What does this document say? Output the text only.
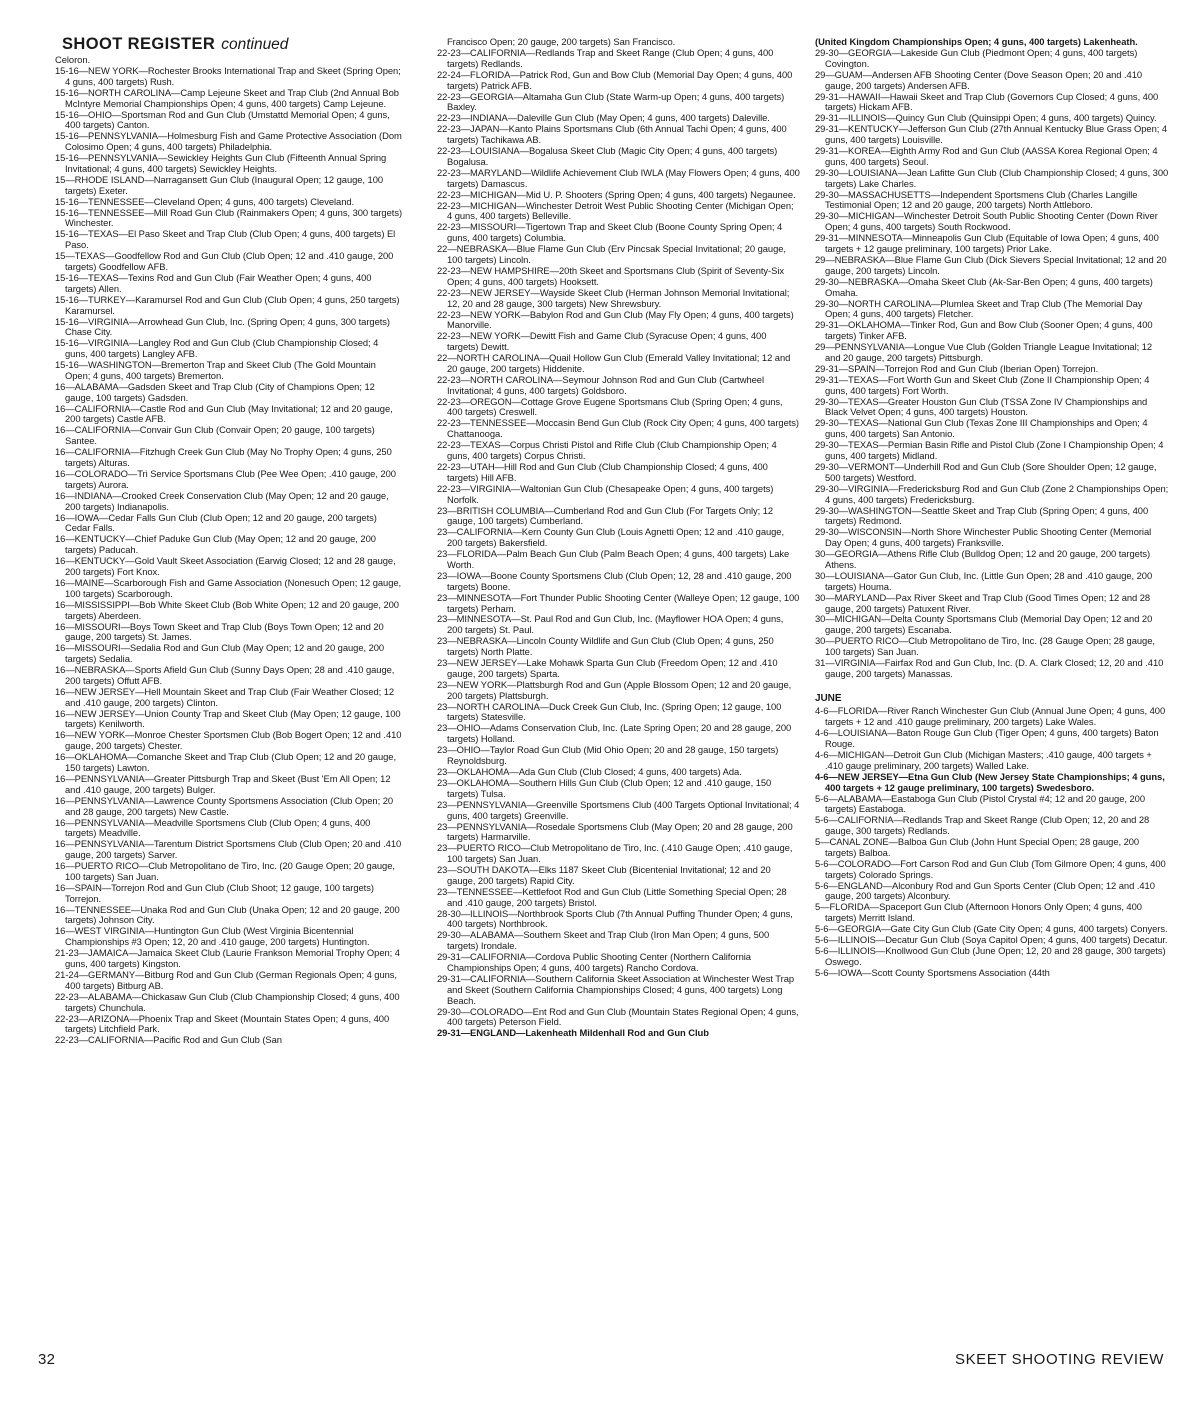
SHOOT REGISTER continued

Celoron.

15-16—NEW YORK—Rochester Brooks International Trap and Skeet (Spring Open; 4 guns, 400 targets) Rush.

15-16—NORTH CAROLINA—Camp Lejeune Skeet and Trap Club (2nd Annual Bob McIntyre Memorial Championships Open; 4 guns, 400 targets) Camp Lejeune.

15-16—OHIO—Sportsman Rod and Gun Club (Umstattd Memorial Open; 4 guns, 400 targets) Canton.

15-16—PENNSYLVANIA—Holmesburg Fish and Game Protective Association (Dom Colosimo Open; 4 guns, 400 targets) Philadelphia.

15-16—PENNSYLVANIA—Sewickley Heights Gun Club (Fifteenth Annual Spring Invitational; 4 guns, 400 targets) Sewickley Heights.

15—RHODE ISLAND—Narragansett Gun Club (Inaugural Open; 12 gauge, 100 targets) Exeter.

15-16—TENNESSEE—Cleveland Open; 4 guns, 400 targets) Cleveland.

15-16—TENNESSEE—Mill Road Gun Club (Rainmakers Open; 4 guns, 300 targets) Winchester.

15-16—TEXAS—El Paso Skeet and Trap Club (Club Open; 4 guns, 400 targets) El Paso.

15—TEXAS—Goodfellow Rod and Gun Club (Club Open; 12 and .410 gauge, 200 targets) Goodfellow AFB.

15-16—TEXAS—Texins Rod and Gun Club (Fair Weather Open; 4 guns, 400 targets) Allen.

15-16—TURKEY—Karamursel Rod and Gun Club (Club Open; 4 guns, 250 targets) Karamursel.

15-16—VIRGINIA—Arrowhead Gun Club, Inc. (Spring Open; 4 guns, 300 targets) Chase City.

15-16—VIRGINIA—Langley Rod and Gun Club (Club Championship Closed; 4 guns, 400 targets) Langley AFB.

15-16—WASHINGTON—Bremerton Trap and Skeet Club (The Gold Mountain Open; 4 guns, 400 targets) Bremerton.

16—ALABAMA—Gadsden Skeet and Trap Club (City of Champions Open; 12 gauge, 100 targets) Gadsden.

16—CALIFORNIA—Castle Rod and Gun Club (May Invitational; 12 and 20 gauge, 200 targets) Castle AFB.

16—CALIFORNIA—Convair Gun Club (Convair Open; 20 gauge, 100 targets) Santee.

16—CALIFORNIA—Fitzhugh Creek Gun Club (May No Trophy Open; 4 guns, 250 targets) Alturas.

16—COLORADO—Tri Service Sportsmans Club (Pee Wee Open; .410 gauge, 200 targets) Aurora.

16—INDIANA—Crooked Creek Conservation Club (May Open; 12 and 20 gauge, 200 targets) Indianapolis.

16—IOWA—Cedar Falls Gun Club (Club Open; 12 and 20 gauge, 200 targets) Cedar Falls.

16—KENTUCKY—Chief Paduke Gun Club (May Open; 12 and 20 gauge, 200 targets) Paducah.

16—KENTUCKY—Gold Vault Skeet Association (Earwig Closed; 12 and 28 gauge, 200 targets) Fort Knox.

16—MAINE—Scarborough Fish and Game Association (Nonesuch Open; 12 gauge, 100 targets) Scarborough.

16—MISSISSIPPI—Bob White Skeet Club (Bob White Open; 12 and 20 gauge, 200 targets) Aberdeen.

16—MISSOURI—Boys Town Skeet and Trap Club (Boys Town Open; 12 and 20 gauge, 200 targets) St. James.

16—MISSOURI—Sedalia Rod and Gun Club (May Open; 12 and 20 gauge, 200 targets) Sedalia.

16—NEBRASKA—Sports Afield Gun Club (Sunny Days Open; 28 and .410 gauge, 200 targets) Offutt AFB.

16—NEW JERSEY—Hell Mountain Skeet and Trap Club (Fair Weather Closed; 12 and .410 gauge, 200 targets) Clinton.

16—NEW JERSEY—Union County Trap and Skeet Club (May Open; 12 gauge, 100 targets) Kenilworth.

16—NEW YORK—Monroe Chester Sportsmen Club (Bob Bogert Open; 12 and .410 gauge, 200 targets) Chester.

16—OKLAHOMA—Comanche Skeet and Trap Club (Club Open; 12 and 20 gauge, 150 targets) Lawton.

16—PENNSYLVANIA—Greater Pittsburgh Trap and Skeet (Bust 'Em All Open; 12 and .410 gauge, 200 targets) Bulger.

16—PENNSYLVANIA—Lawrence County Sportsmens Association (Club Open; 20 and 28 gauge, 200 targets) New Castle.

16—PENNSYLVANIA—Meadville Sportsmens Club (Club Open; 4 guns, 400 targets) Meadville.

16—PENNSYLVANIA—Tarentum District Sportsmens Club (Club Open; 20 and .410 gauge, 200 targets) Sarver.

16—PUERTO RICO—Club Metropolitano de Tiro, Inc. (20 Gauge Open; 20 gauge, 100 targets) San Juan.

16—SPAIN—Torrejon Rod and Gun Club (Club Shoot; 12 gauge, 100 targets) Torrejon.

16—TENNESSEE—Unaka Rod and Gun Club (Unaka Open; 12 and 20 gauge, 200 targets) Johnson City.

16—WEST VIRGINIA—Huntington Gun Club (West Virginia Bicentennial Championships #3 Open; 12, 20 and .410 gauge, 200 targets) Huntington.

21-23—JAMAICA—Jamaica Skeet Club (Laurie Frankson Memorial Trophy Open; 4 guns, 400 targets) Kingston.

21-24—GERMANY—Bitburg Rod and Gun Club (German Regionals Open; 4 guns, 400 targets) Bitburg AB.

22-23—ALABAMA—Chickasaw Gun Club (Club Championship Closed; 4 guns, 400 targets) Chunchula.

22-23—ARIZONA—Phoenix Trap and Skeet (Mountain States Open; 4 guns, 400 targets) Litchfield Park.

22-23—CALIFORNIA—Pacific Rod and Gun Club (San

Francisco Open; 20 gauge, 200 targets) San Francisco.

22-23—CALIFORNIA—Redlands Trap and Skeet Range (Club Open; 4 guns, 400 targets) Redlands.

22-24—FLORIDA—Patrick Rod, Gun and Bow Club (Memorial Day Open; 4 guns, 400 targets) Patrick AFB.

22-23—GEORGIA—Altamaha Gun Club (State Warm-up Open; 4 guns, 400 targets) Baxley.

22-23—INDIANA—Daleville Gun Club (May Open; 4 guns, 400 targets) Daleville.

22-23—JAPAN—Kanto Plains Sportsmans Club (6th Annual Tachi Open; 4 guns, 400 targets) Tachikawa AB.

22-23—LOUISIANA—Bogalusa Skeet Club (Magic City Open; 4 guns, 400 targets) Bogalusa.

22-23—MARYLAND—Wildlife Achievement Club IWLA (May Flowers Open; 4 guns, 400 targets) Damascus.

22-23—MICHIGAN—Mid U. P. Shooters (Spring Open; 4 guns, 400 targets) Negaunee.

22-23—MICHIGAN—Winchester Detroit West Public Shooting Center (Michigan Open; 4 guns, 400 targets) Belleville.

22-23—MISSOURI—Tigertown Trap and Skeet Club (Boone County Spring Open; 4 guns, 400 targets) Columbia.

22—NEBRASKA—Blue Flame Gun Club (Erv Pincsak Special Invitational; 20 gauge, 100 targets) Lincoln.

22-23—NEW HAMPSHIRE—20th Skeet and Sportsmans Club (Spirit of Seventy-Six Open; 4 guns, 400 targets) Hooksett.

22-23—NEW JERSEY—Wayside Skeet Club (Herman Johnson Memorial Invitational; 12, 20 and 28 gauge, 300 targets) New Shrewsbury.

22-23—NEW YORK—Babylon Rod and Gun Club (May Fly Open; 4 guns, 400 targets) Manorville.

22-23—NEW YORK—Dewitt Fish and Game Club (Syracuse Open; 4 guns, 400 targets) Dewitt.

22—NORTH CAROLINA—Quail Hollow Gun Club (Emerald Valley Invitational; 12 and 20 gauge, 200 targets) Hiddenite.

22-23—NORTH CAROLINA—Seymour Johnson Rod and Gun Club (Cartwheel Invitational; 4 guns, 400 targets) Goldsboro.

22-23—OREGON—Cottage Grove Eugene Sportsmans Club (Spring Open; 4 guns, 400 targets) Creswell.

22-23—TENNESSEE—Moccasin Bend Gun Club (Rock City Open; 4 guns, 400 targets) Chattanooga.

22-23—TEXAS—Corpus Christi Pistol and Rifle Club (Club Championship Open; 4 guns, 400 targets) Corpus Christi.

22-23—UTAH—Hill Rod and Gun Club (Club Championship Closed; 4 guns, 400 targets) Hill AFB.

22-23—VIRGINIA—Waltonian Gun Club (Chesapeake Open; 4 guns, 400 targets) Norfolk.

23—BRITISH COLUMBIA—Cumberland Rod and Gun Club (For Targets Only; 12 gauge, 100 targets) Cumberland.

23—CALIFORNIA—Kern County Gun Club (Louis Agnetti Open; 12 and .410 gauge, 200 targets) Bakersfield.

23—FLORIDA—Palm Beach Gun Club (Palm Beach Open; 4 guns, 400 targets) Lake Worth.

23—IOWA—Boone County Sportsmens Club (Club Open; 12, 28 and .410 gauge, 200 targets) Boone.

23—MINNESOTA—Fort Thunder Public Shooting Center (Walleye Open; 12 gauge, 100 targets) Perham.

23—MINNESOTA—St. Paul Rod and Gun Club, Inc. (Mayflower HOA Open; 4 guns, 200 targets) St. Paul.

23—NEBRASKA—Lincoln County Wildlife and Gun Club (Club Open; 4 guns, 250 targets) North Platte.

23—NEW JERSEY—Lake Mohawk Sparta Gun Club (Freedom Open; 12 and .410 gauge, 200 targets) Sparta.

23—NEW YORK—Plattsburgh Rod and Gun (Apple Blossom Open; 12 and 20 gauge, 200 targets) Plattsburgh.

23—NORTH CAROLINA—Duck Creek Gun Club, Inc. (Spring Open; 12 gauge, 100 targets) Statesville.

23—OHIO—Adams Conservation Club, Inc. (Late Spring Open; 20 and 28 gauge, 200 targets) Holland.

23—OHIO—Taylor Road Gun Club (Mid Ohio Open; 20 and 28 gauge, 150 targets) Reynoldsburg.

23—OKLAHOMA—Ada Gun Club (Club Closed; 4 guns, 400 targets) Ada.

23—OKLAHOMA—Southern Hills Gun Club (Club Open; 12 and .410 gauge, 150 targets) Tulsa.

23—PENNSYLVANIA—Greenville Sportsmens Club (400 Targets Optional Invitational; 4 guns, 400 targets) Greenville.

23—PENNSYLVANIA—Rosedale Sportsmens Club (May Open; 20 and 28 gauge, 200 targets) Harmarville.

23—PUERTO RICO—Club Metropolitano de Tiro, Inc. (.410 Gauge Open; .410 gauge, 100 targets) San Juan.

23—SOUTH DAKOTA—Elks 1187 Skeet Club (Bicentenial Invitational; 12 and 20 gauge, 200 targets) Rapid City.

23—TENNESSEE—Kettlefoot Rod and Gun Club (Little Something Special Open; 28 and .410 gauge, 200 targets) Bristol.

28-30—ILLINOIS—Northbrook Sports Club (7th Annual Puffing Thunder Open; 4 guns, 400 targets) Northbrook.

29-30—ALABAMA—Southern Skeet and Trap Club (Iron Man Open; 4 guns, 500 targets) Irondale.

29-31—CALIFORNIA—Cordova Public Shooting Center (Northern California Championships Open; 4 guns, 400 targets) Rancho Cordova.

29-31—CALIFORNIA—Southern California Skeet Association at Winchester West Trap and Skeet (Southern California Championships Closed; 4 guns, 400 targets) Long Beach.

29-30—COLORADO—Ent Rod and Gun Club (Mountain States Regional Open; 4 guns, 400 targets) Peterson Field.

29-31—ENGLAND—Lakenheath Mildenhall Rod and Gun Club

(United Kingdom Championships Open; 4 guns, 400 targets) Lakenheath.

29-30—GEORGIA—Lakeside Gun Club (Piedmont Open; 4 guns, 400 targets) Covington.

29—GUAM—Andersen AFB Shooting Center (Dove Season Open; 20 and .410 gauge, 200 targets) Andersen AFB.

29-31—HAWAII—Hawaii Skeet and Trap Club (Governors Cup Closed; 4 guns, 400 targets) Hickam AFB.

29-31—ILLINOIS—Quincy Gun Club (Quinsippi Open; 4 guns, 400 targets) Quincy.

29-31—KENTUCKY—Jefferson Gun Club (27th Annual Kentucky Blue Grass Open; 4 guns, 400 targets) Louisville.

29-31—KOREA—Eighth Army Rod and Gun Club (AASSA Korea Regional Open; 4 guns, 400 targets) Seoul.

29-30—LOUISIANA—Jean Lafitte Gun Club (Club Championship Closed; 4 guns, 300 targets) Lake Charles.

29-30—MASSACHUSETTS—Independent Sportsmens Club (Charles Langille Testimonial Open; 12 and 20 gauge, 200 targets) North Attleboro.

29-30—MICHIGAN—Winchester Detroit South Public Shooting Center (Down River Open; 4 guns, 400 targets) South Rockwood.

29-31—MINNESOTA—Minneapolis Gun Club (Equitable of Iowa Open; 4 guns, 400 targets + 12 gauge preliminary, 100 targets) Prior Lake.

29—NEBRASKA—Blue Flame Gun Club (Dick Sievers Special Invitational; 12 and 20 gauge, 200 targets) Lincoln.

29-30—NEBRASKA—Omaha Skeet Club (Ak-Sar-Ben Open; 4 guns, 400 targets) Omaha.

29-30—NORTH CAROLINA—Plumlea Skeet and Trap Club (The Memorial Day Open; 4 guns, 400 targets) Fletcher.

29-31—OKLAHOMA—Tinker Rod, Gun and Bow Club (Sooner Open; 4 guns, 400 targets) Tinker AFB.

29—PENNSYLVANIA—Longue Vue Club (Golden Triangle League Invitational; 12 and 20 gauge, 200 targets) Pittsburgh.

29-31—SPAIN—Torrejon Rod and Gun Club (Iberian Open) Torrejon.

29-31—TEXAS—Fort Worth Gun and Skeet Club (Zone II Championship Open; 4 guns, 400 targets) Fort Worth.

29-30—TEXAS—Greater Houston Gun Club (TSSA Zone IV Championships and Black Velvet Open; 4 guns, 400 targets) Houston.

29-30—TEXAS—National Gun Club (Texas Zone III Championships and Open; 4 guns, 400 targets) San Antonio.

29-30—TEXAS—Permian Basin Rifle and Pistol Club (Zone I Championship Open; 4 guns, 400 targets) Midland.

29-30—VERMONT—Underhill Rod and Gun Club (Sore Shoulder Open; 12 gauge, 500 targets) Westford.

29-30—VIRGINIA—Fredericksburg Rod and Gun Club (Zone 2 Championships Open; 4 guns, 400 targets) Fredericksburg.

29-30—WASHINGTON—Seattle Skeet and Trap Club (Spring Open; 4 guns, 400 targets) Redmond.

29-30—WISCONSIN—North Shore Winchester Public Shooting Center (Memorial Day Open; 4 guns, 400 targets) Franksville.

30—GEORGIA—Athens Rifle Club (Bulldog Open; 12 and 20 gauge, 200 targets) Athens.

30—LOUISIANA—Gator Gun Club, Inc. (Little Gun Open; 28 and .410 gauge, 200 targets) Houma.

30—MARYLAND—Pax River Skeet and Trap Club (Good Times Open; 12 and 28 gauge, 200 targets) Patuxent River.

30—MICHIGAN—Delta County Sportsmans Club (Memorial Day Open; 12 and 20 gauge, 200 targets) Escanaba.

30—PUERTO RICO—Club Metropolitano de Tiro, Inc. (28 Gauge Open; 28 gauge, 100 targets) San Juan.

31—VIRGINIA—Fairfax Rod and Gun Club, Inc. (D. A. Clark Closed; 12, 20 and .410 gauge, 200 targets) Manassas.

JUNE

4-6—FLORIDA—River Ranch Winchester Gun Club (Annual June Open; 4 guns, 400 targets + 12 and .410 gauge preliminary, 200 targets) Lake Wales.

4-6—LOUISIANA—Baton Rouge Gun Club (Tiger Open; 4 guns, 400 targets) Baton Rouge.

4-6—MICHIGAN—Detroit Gun Club (Michigan Masters; .410 gauge, 400 targets + .410 gauge preliminary, 200 targets) Walled Lake.

4-6—NEW JERSEY—Etna Gun Club (New Jersey State Championships; 4 guns, 400 targets + 12 gauge preliminary, 100 targets) Swedesboro.

5-6—ALABAMA—Eastaboga Gun Club (Pistol Crystal #4; 12 and 20 gauge, 200 targets) Eastaboga.

5-6—CALIFORNIA—Redlands Trap and Skeet Range (Club Open; 12, 20 and 28 gauge, 300 targets) Redlands.

5—CANAL ZONE—Balboa Gun Club (John Hunt Special Open; 28 gauge, 200 targets) Balboa.

5-6—COLORADO—Fort Carson Rod and Gun Club (Tom Gilmore Open; 4 guns, 400 targets) Colorado Springs.

5-6—ENGLAND—Alconbury Rod and Gun Sports Center (Club Open; 12 and .410 gauge, 200 targets) Alconbury.

5—FLORIDA—Spaceport Gun Club (Afternoon Honors Only Open; 4 guns, 400 targets) Merritt Island.

5-6—GEORGIA—Gate City Gun Club (Gate City Open; 4 guns, 400 targets) Conyers.

5-6—ILLINOIS—Decatur Gun Club (Soya Capitol Open; 4 guns, 400 targets) Decatur.

5-6—ILLINOIS—Knollwood Gun Club (June Open; 12, 20 and 28 gauge, 300 targets) Oswego.

5-6—IOWA—Scott County Sportsmens Association (44th

32	SKEET SHOOTING REVIEW
